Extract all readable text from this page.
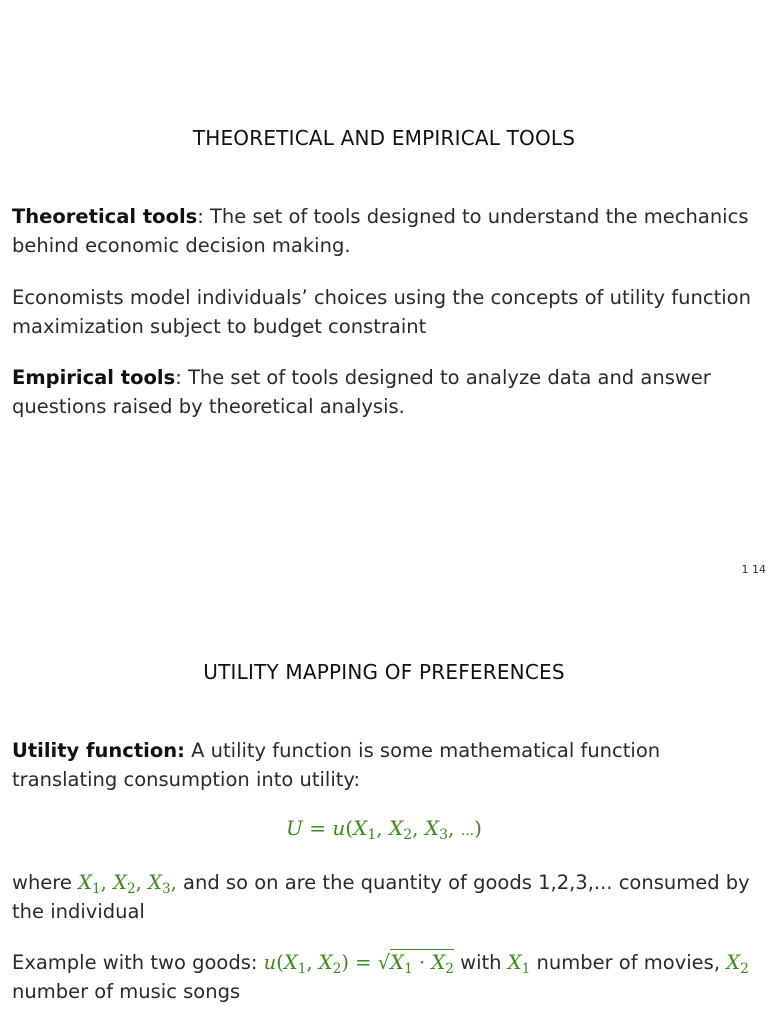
THEORETICAL AND EMPIRICAL TOOLS
Theoretical tools: The set of tools designed to understand the mechanics behind economic decision making.
Economists model individuals’ choices using the concepts of utility function maximization subject to budget constraint
Empirical tools: The set of tools designed to analyze data and answer questions raised by theoretical analysis.
1 14
UTILITY MAPPING OF PREFERENCES
Utility function: A utility function is some mathematical function translating consumption into utility:
$U = u(X_1$, $X_2$, $X_3$, ...)
where $X_1$, $X_2$, $X_3$, and so on are the quantity of goods 1,2,3,... consumed by the individual
Example with two goods: $u(X_1$, $X_2) = √X_1 \cdot X_2$ with $X_1$ number of movies, $X_2$ number of music songs
